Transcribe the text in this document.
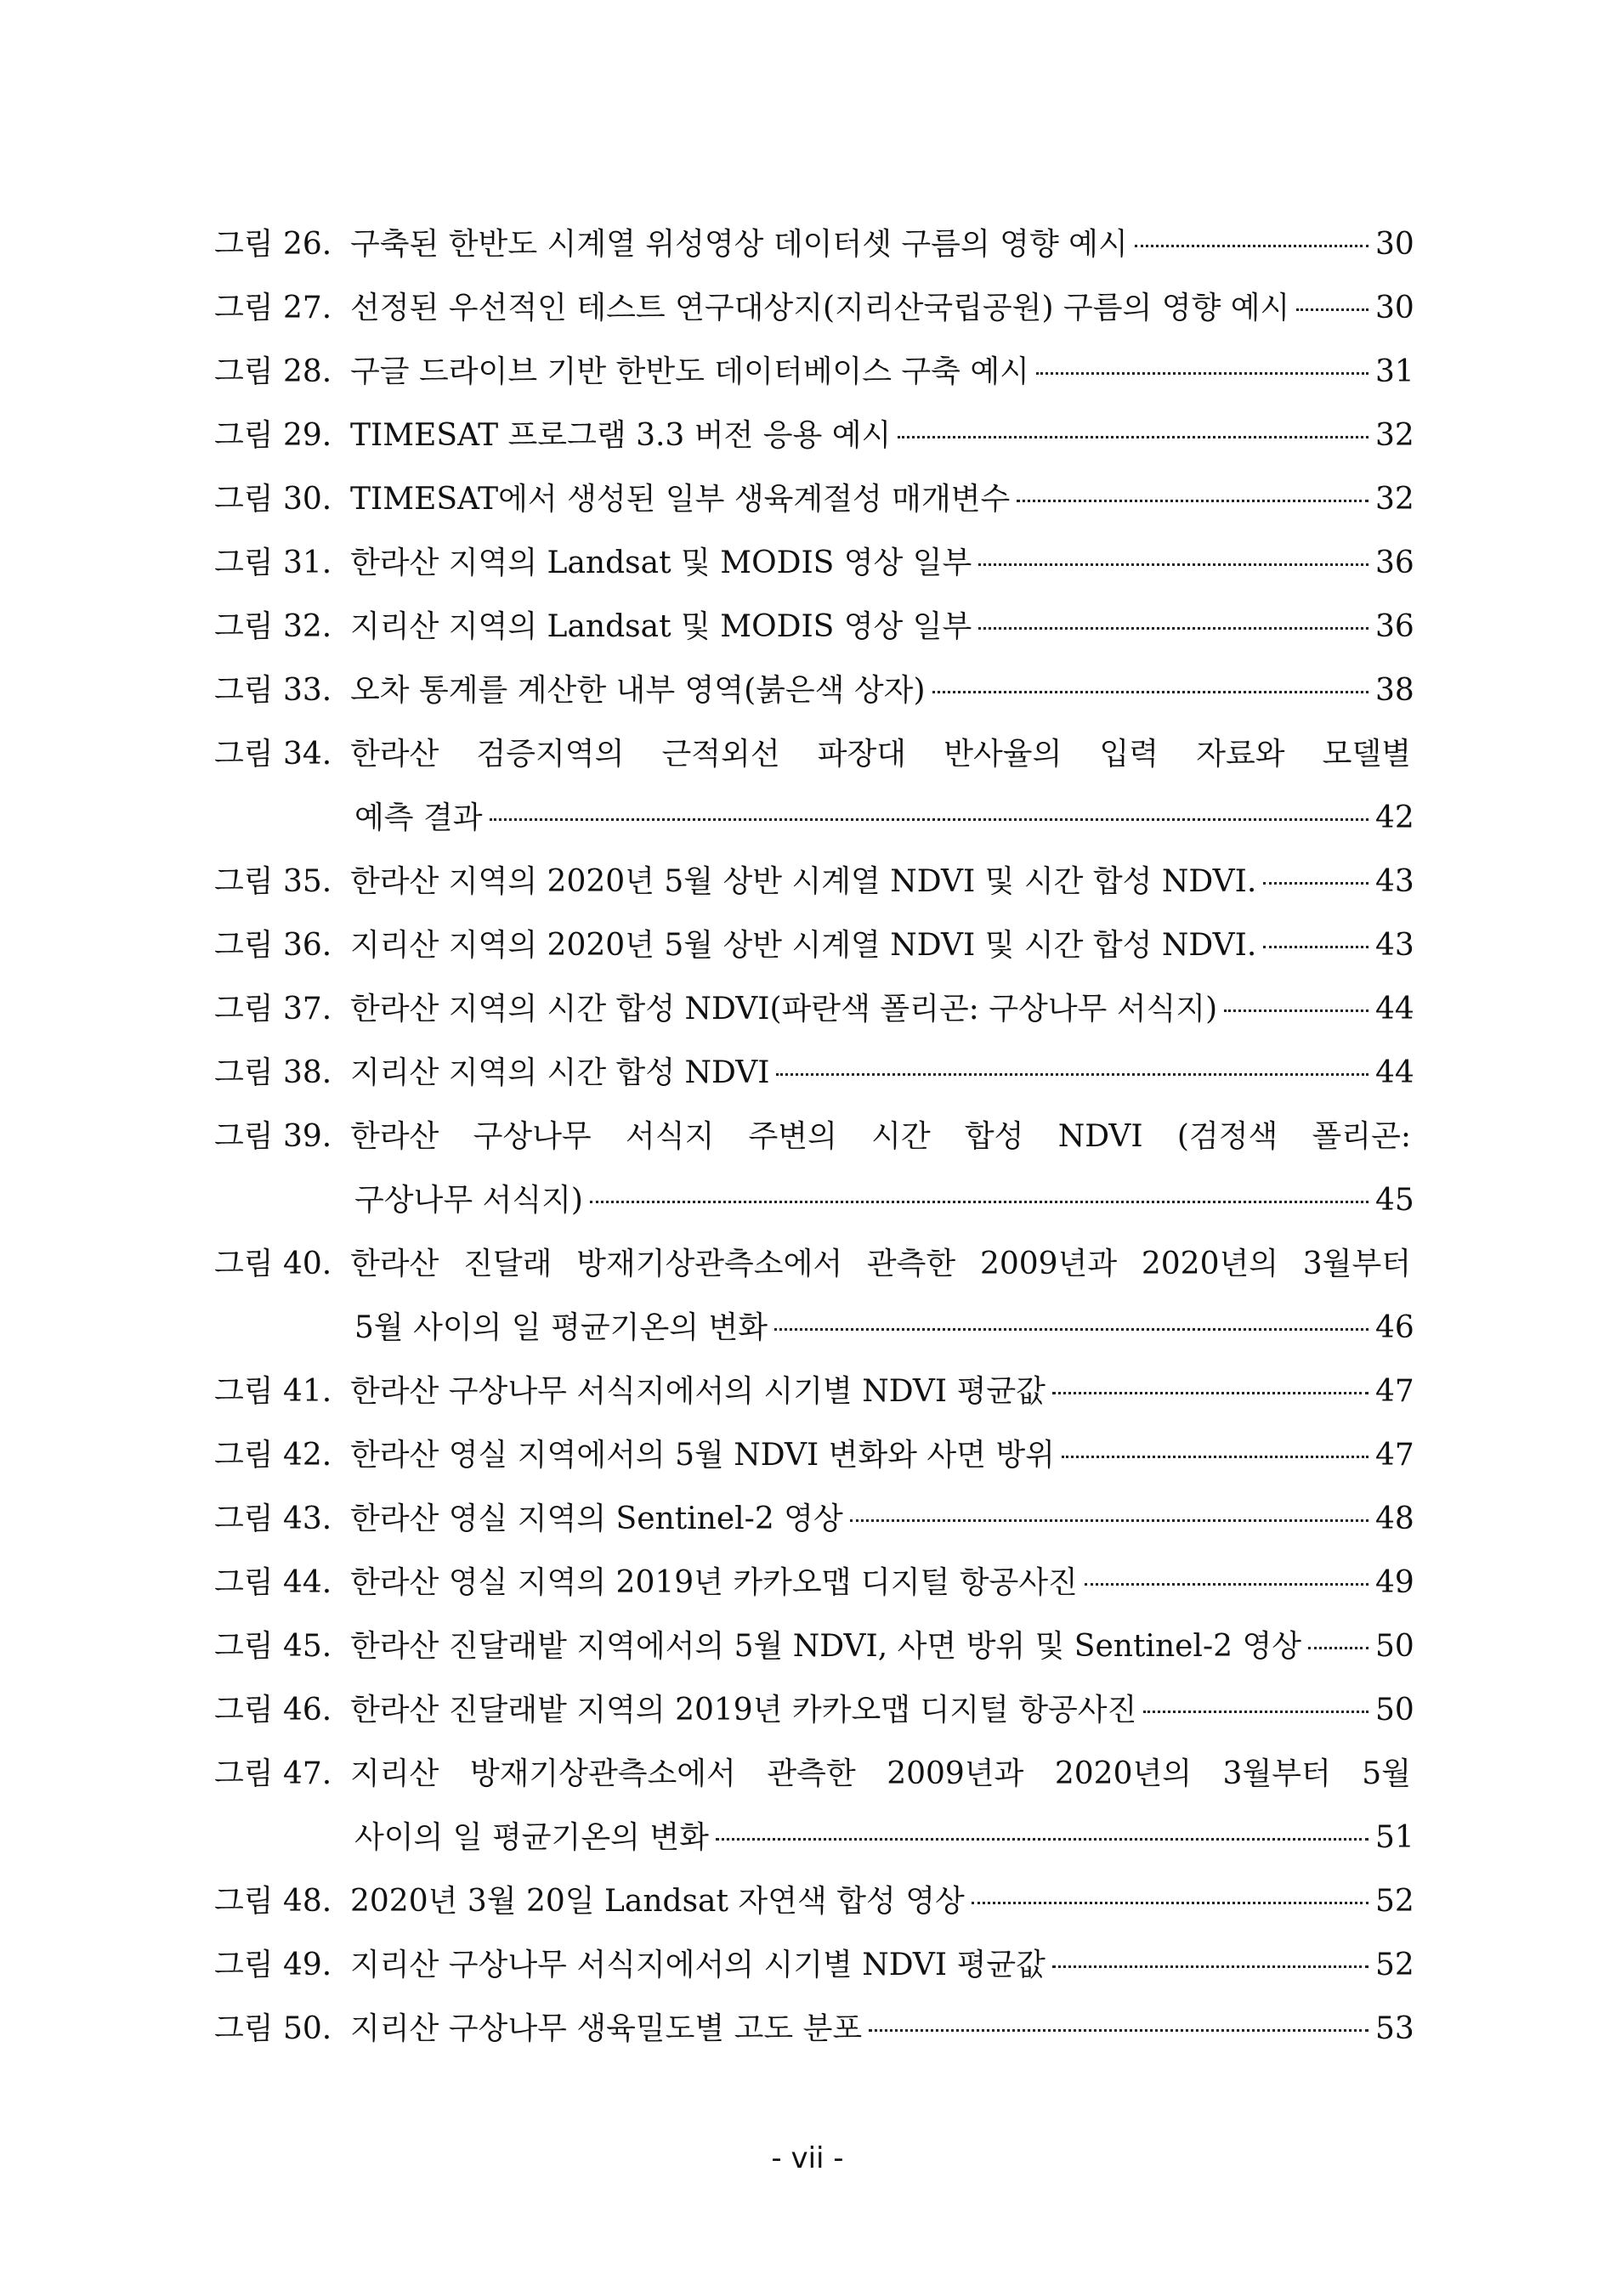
그림 26. 구축된 한반도 시계열 위성영상 데이터셋 구름의 영향 예시	30
그림 27. 선정된 우선적인 테스트 연구대상지(지리산국립공원) 구름의 영향 예시	30
그림 28. 구글 드라이브 기반 한반도 데이터베이스 구축 예시	31
그림 29. TIMESAT 프로그램 3.3 버전 응용 예시	32
그림 30. TIMESAT에서 생성된 일부 생육계절성 매개변수	32
그림 31. 한라산 지역의 Landsat 및 MODIS 영상 일부	36
그림 32. 지리산 지역의 Landsat 및 MODIS 영상 일부	36
그림 33. 오차 통계를 계산한 내부 영역(붉은색 상자)	38
그림 34. 한라산 검증지역의 근적외선 파장대 반사율의 입력 자료와 모델별
예측 결과	42
그림 35. 한라산 지역의 2020년 5월 상반 시계열 NDVI 및 시간 합성 NDVI.	43
그림 36. 지리산 지역의 2020년 5월 상반 시계열 NDVI 및 시간 합성 NDVI.	43
그림 37. 한라산 지역의 시간 합성 NDVI(파란색 폴리곤: 구상나무 서식지)	44
그림 38. 지리산 지역의 시간 합성 NDVI	44
그림 39. 한라산 구상나무 서식지 주변의 시간 합성 NDVI (검정색 폴리곤:
구상나무 서식지)	45
그림 40. 한라산 진달래 방재기상관측소에서 관측한 2009년과 2020년의 3월부터
5월 사이의 일 평균기온의 변화	46
그림 41. 한라산 구상나무 서식지에서의 시기별 NDVI 평균값	47
그림 42. 한라산 영실 지역에서의 5월 NDVI 변화와 사면 방위	47
그림 43. 한라산 영실 지역의 Sentinel-2 영상	48
그림 44. 한라산 영실 지역의 2019년 카카오맵 디지털 항공사진	49
그림 45. 한라산 진달래밭 지역에서의 5월 NDVI, 사면 방위 및 Sentinel-2 영상 50
그림 46. 한라산 진달래밭 지역의 2019년 카카오맵 디지털 항공사진	50
그림 47. 지리산 방재기상관측소에서 관측한 2009년과 2020년의 3월부터 5월
사이의 일 평균기온의 변화	51
그림 48. 2020년 3월 20일 Landsat 자연색 합성 영상	52
그림 49. 지리산 구상나무 서식지에서의 시기별 NDVI 평균값	52
그림 50. 지리산 구상나무 생육밀도별 고도 분포	53
- vii -
